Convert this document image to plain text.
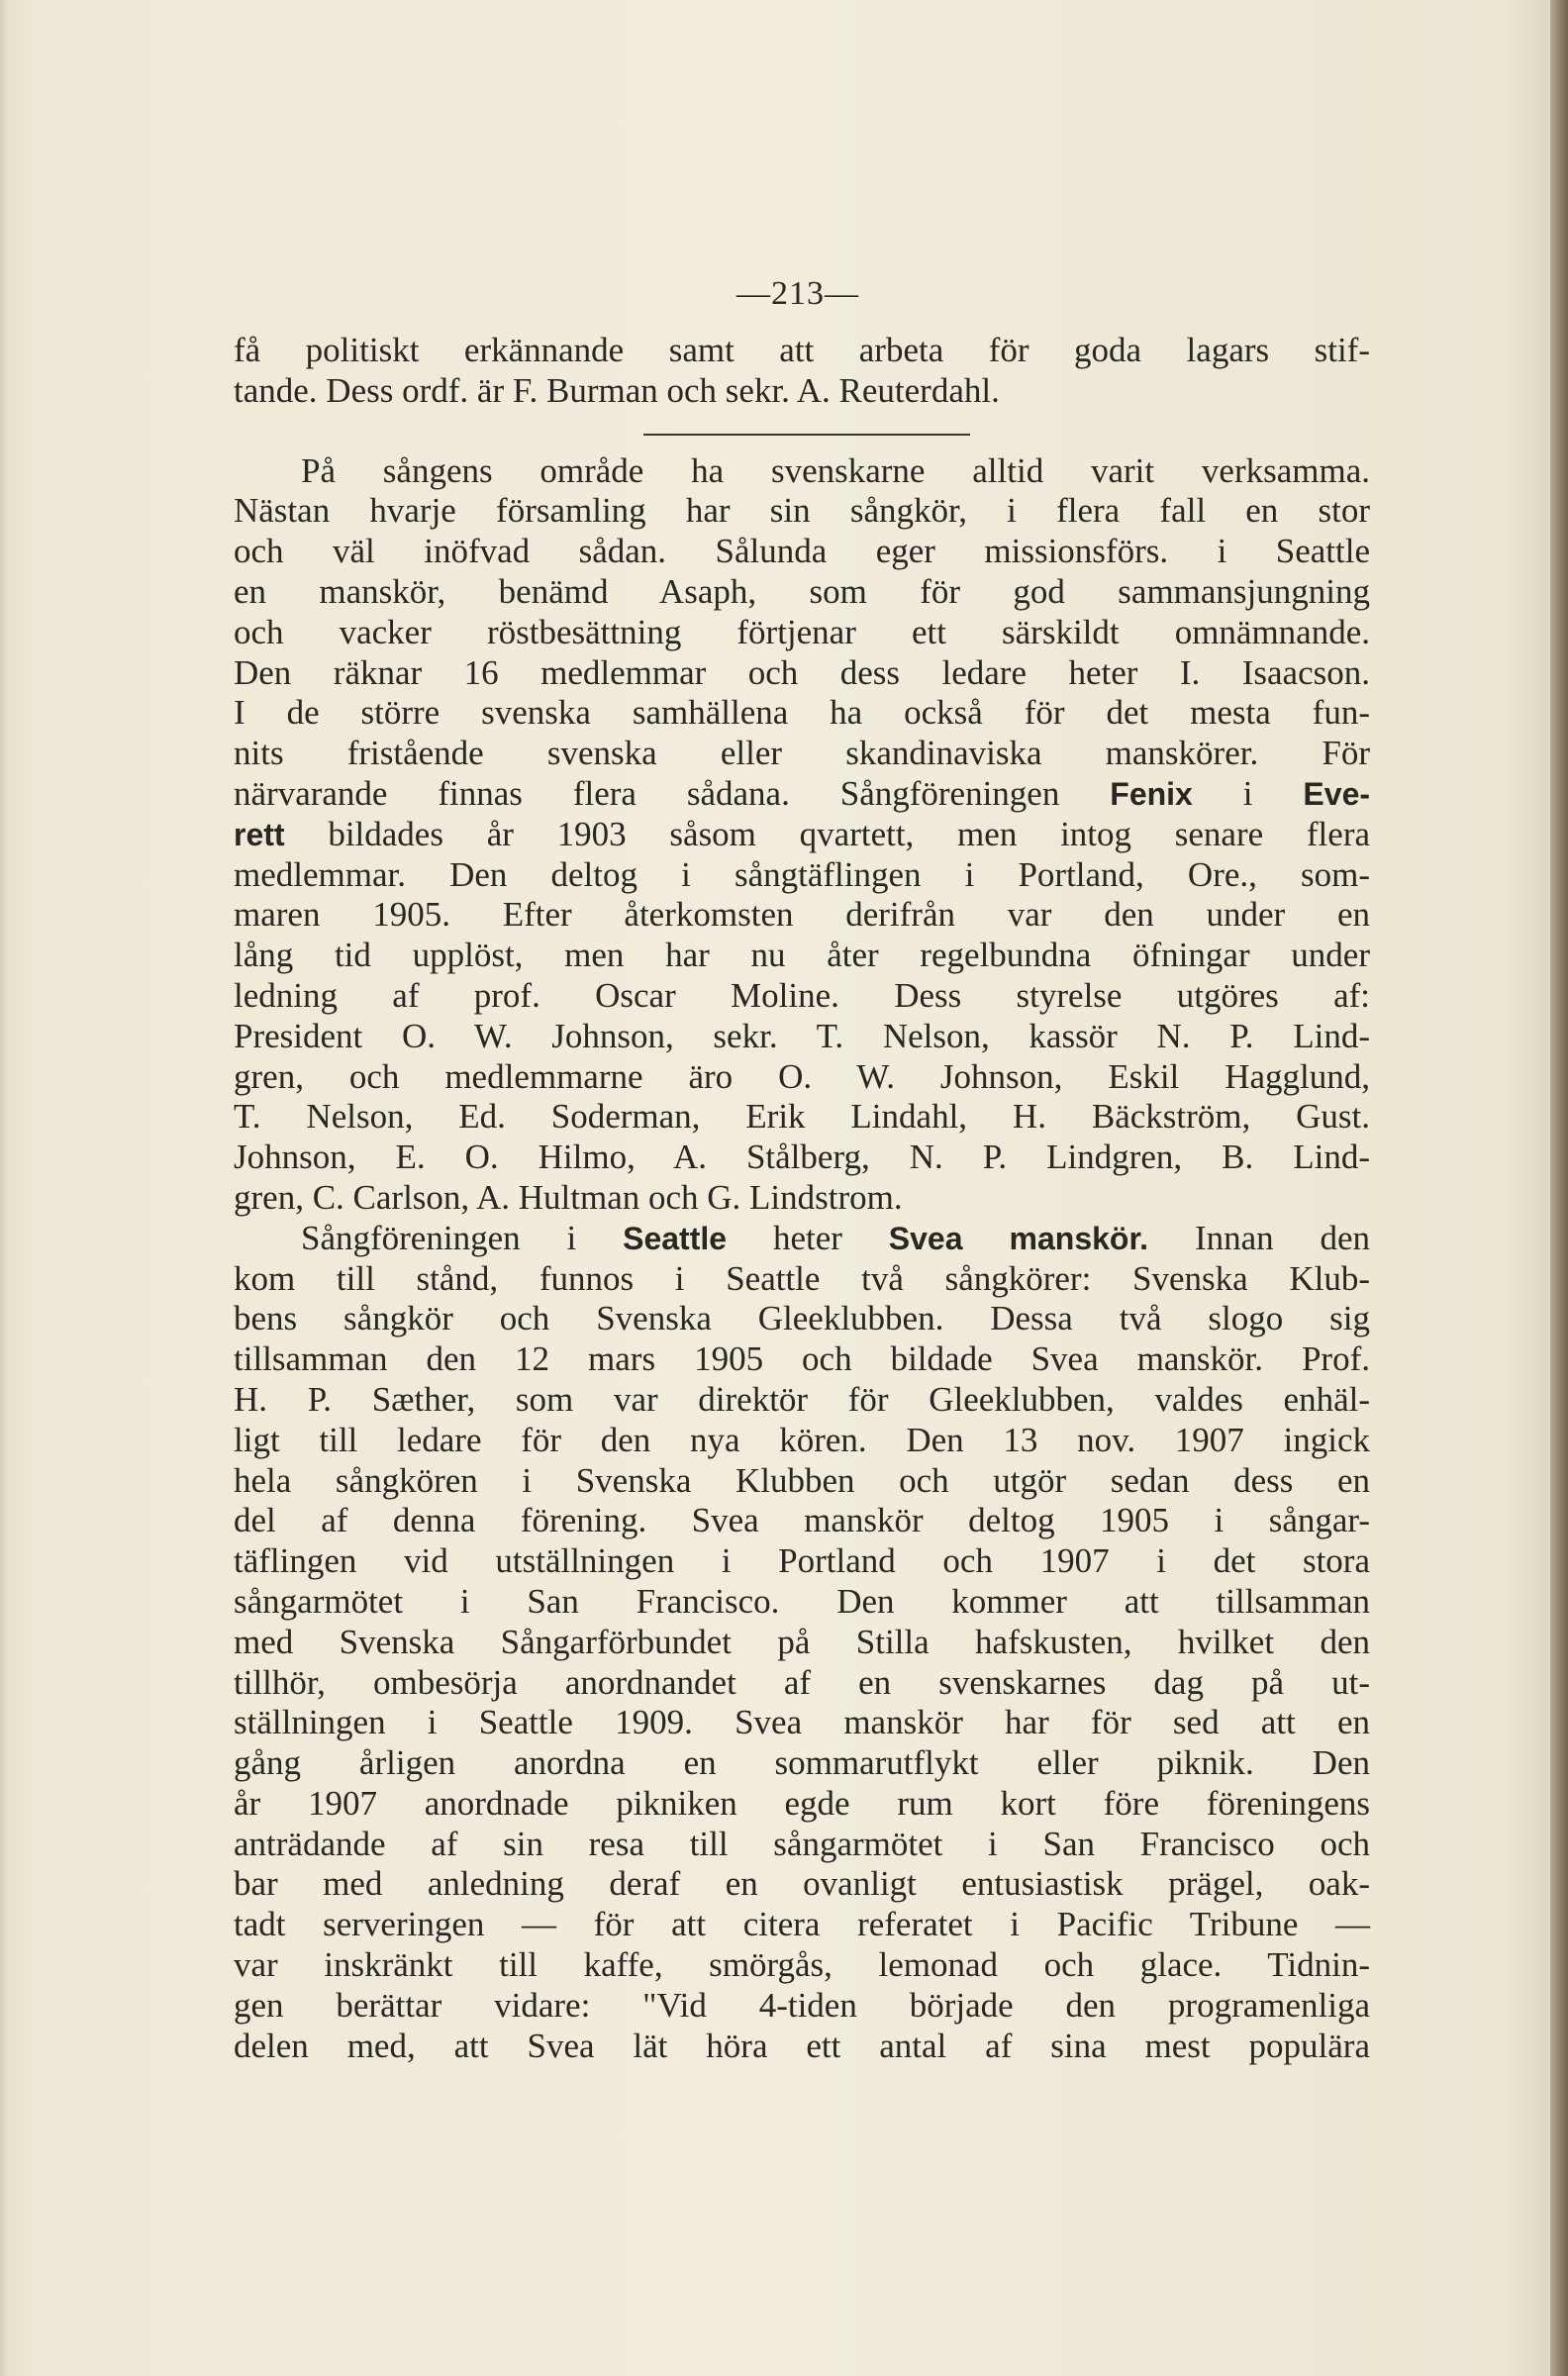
—213—

få politiskt erkännande samt att arbeta för goda lagars stif-
tande. Dess ordf. är F. Burman och sekr. A. Reuterdahl.

På sångens område ha svenskarne alltid varit verksamma.
Nästan hvarje församling har sin sångkör, i flera fall en stor
och väl inöfvad sådan. Sålunda eger missionsförs. i Seattle
en manskör, benämd Asaph, som för god sammansjungning
och vacker röstbesättning förtjenar ett särskildt omnämnande.
Den räknar 16 medlemmar och dess ledare heter I. Isaacson.
I de större svenska samhällena ha också för det mesta fun-
nits fristående svenska eller skandinaviska manskörer. För
närvarande finnas flera sådana. Sångföreningen Fenix i Eve-
rett bildades år 1903 såsom qvartett, men intog senare flera
medlemmar. Den deltog i sångtäflingen i Portland, Ore., som-
maren 1905. Efter återkomsten derifrån var den under en
lång tid upplöst, men har nu åter regelbundna öfningar under
ledning af prof. Oscar Moline. Dess styrelse utgöres af:
President O. W. Johnson, sekr. T. Nelson, kassör N. P. Lind-
gren, och medlemmarne äro O. W. Johnson, Eskil Hagglund,
T. Nelson, Ed. Soderman, Erik Lindahl, H. Bäckström, Gust.
Johnson, E. O. Hilmo, A. Stålberg, N. P. Lindgren, B. Lind-
gren, C. Carlson, A. Hultman och G. Lindstrom.

Sångföreningen i Seattle heter Svea manskör. Innan den
kom till stånd, funnos i Seattle två sångkörer: Svenska Klub-
bens sångkör och Svenska Gleeklubben. Dessa två slogo sig
tillsamman den 12 mars 1905 och bildade Svea manskör. Prof.
H. P. Sæther, som var direktör för Gleeklubben, valdes enhäl-
ligt till ledare för den nya kören. Den 13 nov. 1907 ingick
hela sångkören i Svenska Klubben och utgör sedan dess en
del af denna förening. Svea manskör deltog 1905 i sångar-
täflingen vid utställningen i Portland och 1907 i det stora
sångarmötet i San Francisco. Den kommer att tillsamman
med Svenska Sångarförbundet på Stilla hafskusten, hvilket den
tillhör, ombesörja anordnandet af en svenskarnes dag på ut-
ställningen i Seattle 1909. Svea manskör har för sed att en
gång årligen anordna en sommarutflykt eller piknik. Den
år 1907 anordnade pikniken egde rum kort före föreningens
anträdande af sin resa till sångarmötet i San Francisco och
bar med anledning deraf en ovanligt entusiastisk prägel, oak-
tadt serveringen — för att citera referatet i Pacific Tribune —
var inskränkt till kaffe, smörgås, lemonad och glace. Tidnin-
gen berättar vidare: "Vid 4-tiden började den programenliga
delen med, att Svea lät höra ett antal af sina mest populära
